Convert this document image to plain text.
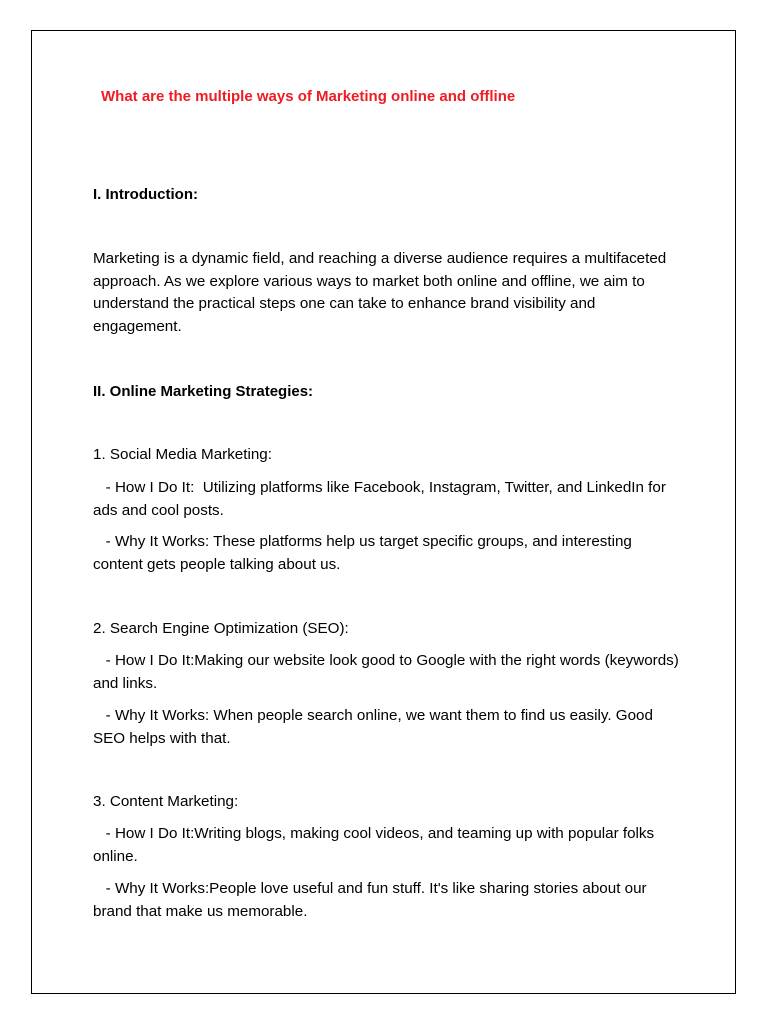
What are the multiple ways of Marketing online and offline
I. Introduction:

Marketing is a dynamic field, and reaching a diverse audience requires a multifaceted approach. As we explore various ways to market both online and offline, we aim to understand the practical steps one can take to enhance brand visibility and engagement.

II. Online Marketing Strategies:

1. Social Media Marketing:

- How I Do It:  Utilizing platforms like Facebook, Instagram, Twitter, and LinkedIn for ads and cool posts.

- Why It Works: These platforms help us target specific groups, and interesting content gets people talking about us.

2. Search Engine Optimization (SEO):

- How I Do It:Making our website look good to Google with the right words (keywords) and links.

- Why It Works: When people search online, we want them to find us easily. Good SEO helps with that.

3. Content Marketing:

- How I Do It:Writing blogs, making cool videos, and teaming up with popular folks online.

- Why It Works:People love useful and fun stuff. It's like sharing stories about our brand that make us memorable.
